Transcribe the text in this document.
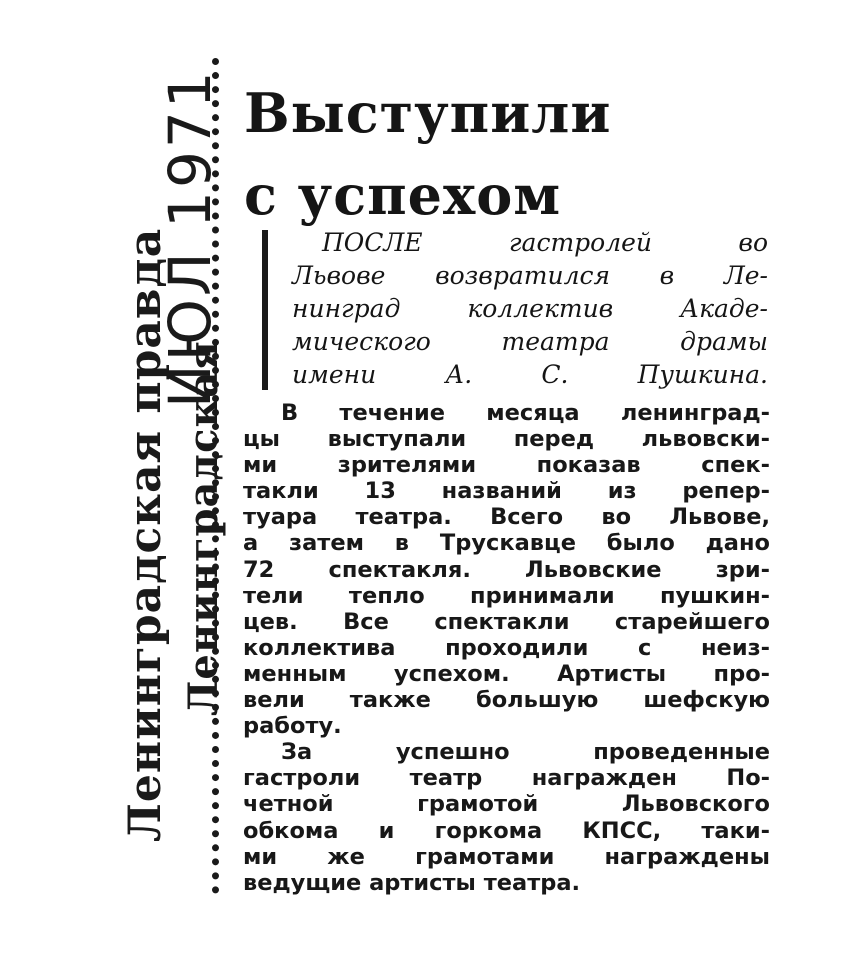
Ленинградская правда
ИЮЛ 1971
Ленинградская
Выступили
с успехом
ПОСЛЕ гастролей во
Львове возвратился в Ле-
нинград коллектив Акаде-
мического театра драмы
имени А. С. Пушкина.
В течение месяца ленинград-
цы выступали перед львовски-
ми зрителями показав спек-
такли 13 названий из репер-
туара театра. Всего во Львове,
а затем в Трускавце было дано
72 спектакля. Львовские зри-
тели тепло принимали пушкин-
цев. Все спектакли старейшего
коллектива проходили с неиз-
менным успехом. Артисты про-
вели также большую шефскую
работу.
За успешно проведенные
гастроли театр награжден По-
четной грамотой Львовского
обкома и горкома КПСС, таки-
ми же грамотами награждены
ведущие артисты театра.
